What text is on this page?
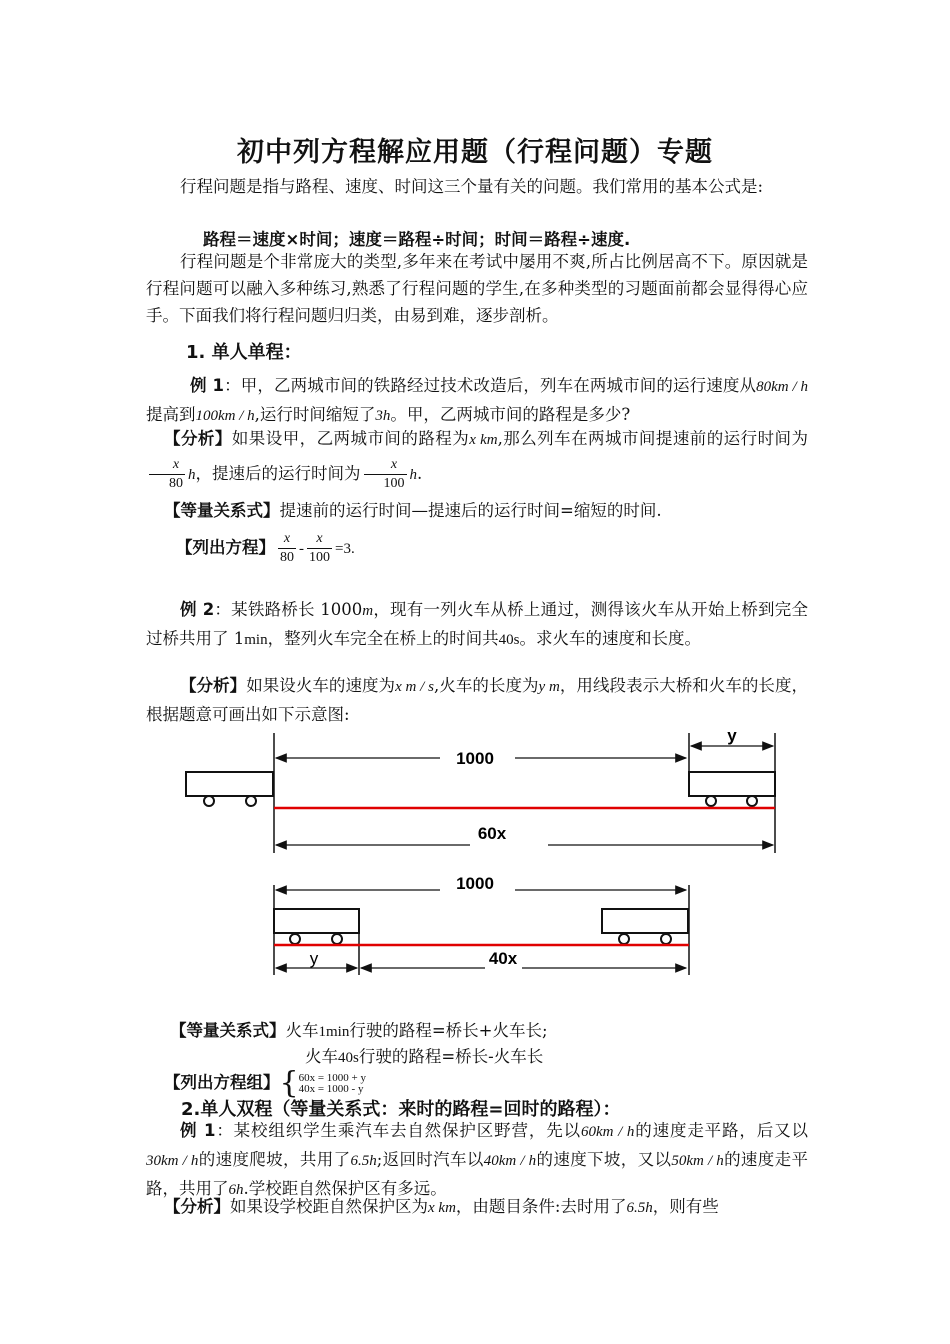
初中列方程解应用题（行程问题）专题
行程问题是指与路程、速度、时间这三个量有关的问题。我们常用的基本公式是:
路程＝速度×时间；速度＝路程÷时间；时间＝路程÷速度.
行程问题是个非常庞大的类型,多年来在考试中屡用不爽,所占比例居高不下。原因就是行程问题可以融入多种练习,熟悉了行程问题的学生,在多种类型的习题面前都会显得得心应手。下面我们将行程问题归归类，由易到难，逐步剖析。
1. 单人单程：
例 1：甲，乙两城市间的铁路经过技术改造后，列车在两城市间的运行速度从80km / h提高到100km / h,运行时间缩短了3h。甲，乙两城市间的路程是多少?
【分析】如果设甲，乙两城市间的路程为x km,那么列车在两城市间提速前的运行时间为
$\frac{x}{80}$ h，提速后的运行时间为 $\frac{x}{100} h$.
【等量关系式】提速前的运行时间—提速后的运行时间=缩短的时间.
【列出方程】 $\frac{x}{80} - \frac{x}{100} =3$.
例 2：某铁路桥长 1000m，现有一列火车从桥上通过，测得该火车从开始上桥到完全过桥共用了 1min，整列火车完全在桥上的时间共40s。求火车的速度和长度。
【分析】如果设火车的速度为x m / s,火车的长度为y m，用线段表示大桥和火车的长度，根据题意可画出如下示意图:
1000
y
60x
1000
y	40x
【等量关系式】火车1min行驶的路程=桥长+火车长;
火车40s行驶的路程=桥长-火车长
【列出方程组】{ 60x = 1000 + y
40x = 1000 - y
2.单人双程（等量关系式：来时的路程=回时的路程）：
例 1：某校组织学生乘汽车去自然保护区野营，先以60km / h的速度走平路，后又以30km / h的速度爬坡，共用了6.5h;返回时汽车以40km / h的速度下坡，又以50km / h的速度走平路，共用了6h.学校距自然保护区有多远。
【分析】如果设学校距自然保护区为x km，由题目条件:去时用了6.5h，则有些
